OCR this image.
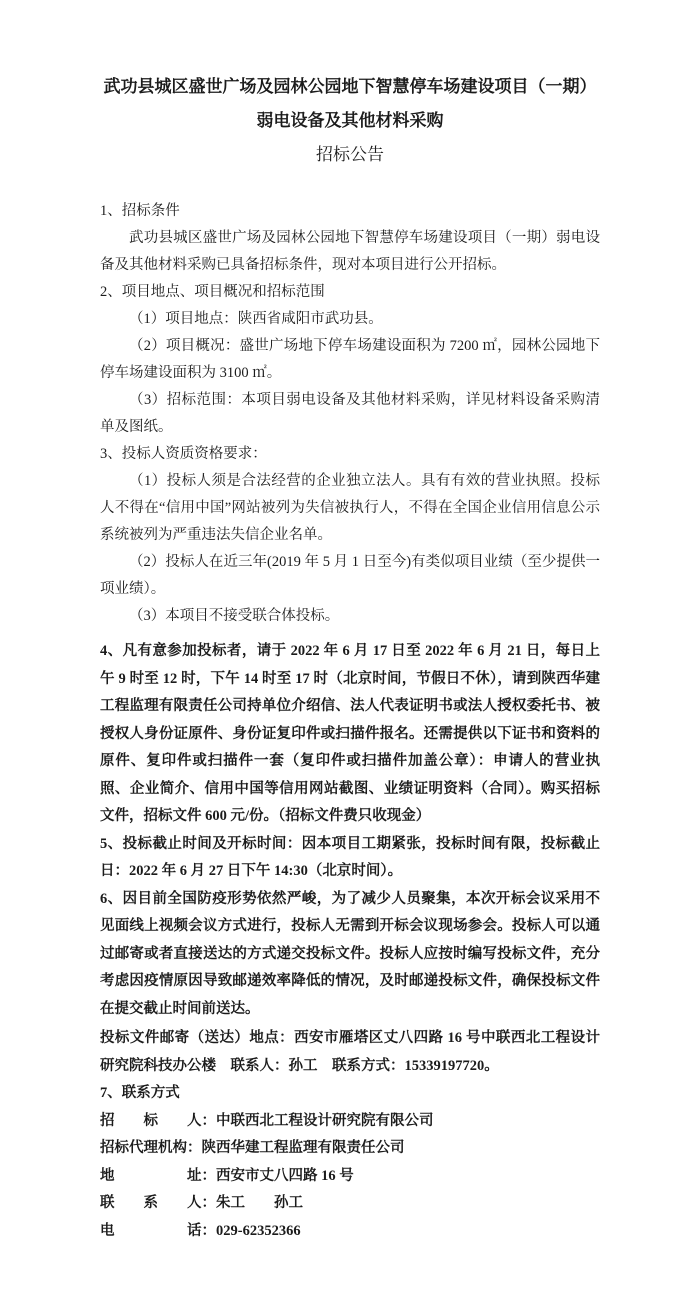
武功县城区盛世广场及园林公园地下智慧停车场建设项目（一期）
弱电设备及其他材料采购
招标公告

1、招标条件

武功县城区盛世广场及园林公园地下智慧停车场建设项目（一期）弱电设备及其他材料采购已具备招标条件，现对本项目进行公开招标。

2、项目地点、项目概况和招标范围

（1）项目地点：陕西省咸阳市武功县。

（2）项目概况：盛世广场地下停车场建设面积为 7200 ㎡，园林公园地下停车场建设面积为 3100 ㎡。

（3）招标范围：本项目弱电设备及其他材料采购，详见材料设备采购清单及图纸。

3、投标人资质资格要求：

（1）投标人须是合法经营的企业独立法人。具有有效的营业执照。投标人不得在“信用中国”网站被列为失信被执行人，不得在全国企业信用信息公示系统被列为严重违法失信企业名单。

（2）投标人在近三年(2019 年 5 月 1 日至今)有类似项目业绩（至少提供一项业绩）。

（3）本项目不接受联合体投标。

4、凡有意参加投标者，请于 2022 年 6 月 17 日至 2022 年 6 月 21 日，每日上午 9 时至 12 时，下午 14 时至 17 时（北京时间，节假日不休），请到陕西华建工程监理有限责任公司持单位介绍信、法人代表证明书或法人授权委托书、被授权人身份证原件、身份证复印件或扫描件报名。还需提供以下证书和资料的原件、复印件或扫描件一套（复印件或扫描件加盖公章）：申请人的营业执照、企业简介、信用中国等信用网站截图、业绩证明资料（合同）。购买招标文件，招标文件 600 元/份。（招标文件费只收现金）

5、投标截止时间及开标时间：因本项目工期紧张，投标时间有限，投标截止日：2022 年 6 月 27 日下午 14:30（北京时间）。

6、因目前全国防疫形势依然严峻，为了减少人员聚集，本次开标会议采用不见面线上视频会议方式进行，投标人无需到开标会议现场参会。投标人可以通过邮寄或者直接送达的方式递交投标文件。投标人应按时编写投标文件，充分考虑因疫情原因导致邮递效率降低的情况，及时邮递投标文件，确保投标文件在提交截止时间前送达。

投标文件邮寄（送达）地点：西安市雁塔区丈八四路 16 号中联西北工程设计研究院科技办公楼　联系人：孙工　联系方式：15339197720。

7、联系方式

招　　标　　人：中联西北工程设计研究院有限公司

招标代理机构：陕西华建工程监理有限责任公司

地　　　　　址：西安市丈八四路 16 号

联　　系　　人：朱工　　孙工

电　　　　　话：029-62352366
